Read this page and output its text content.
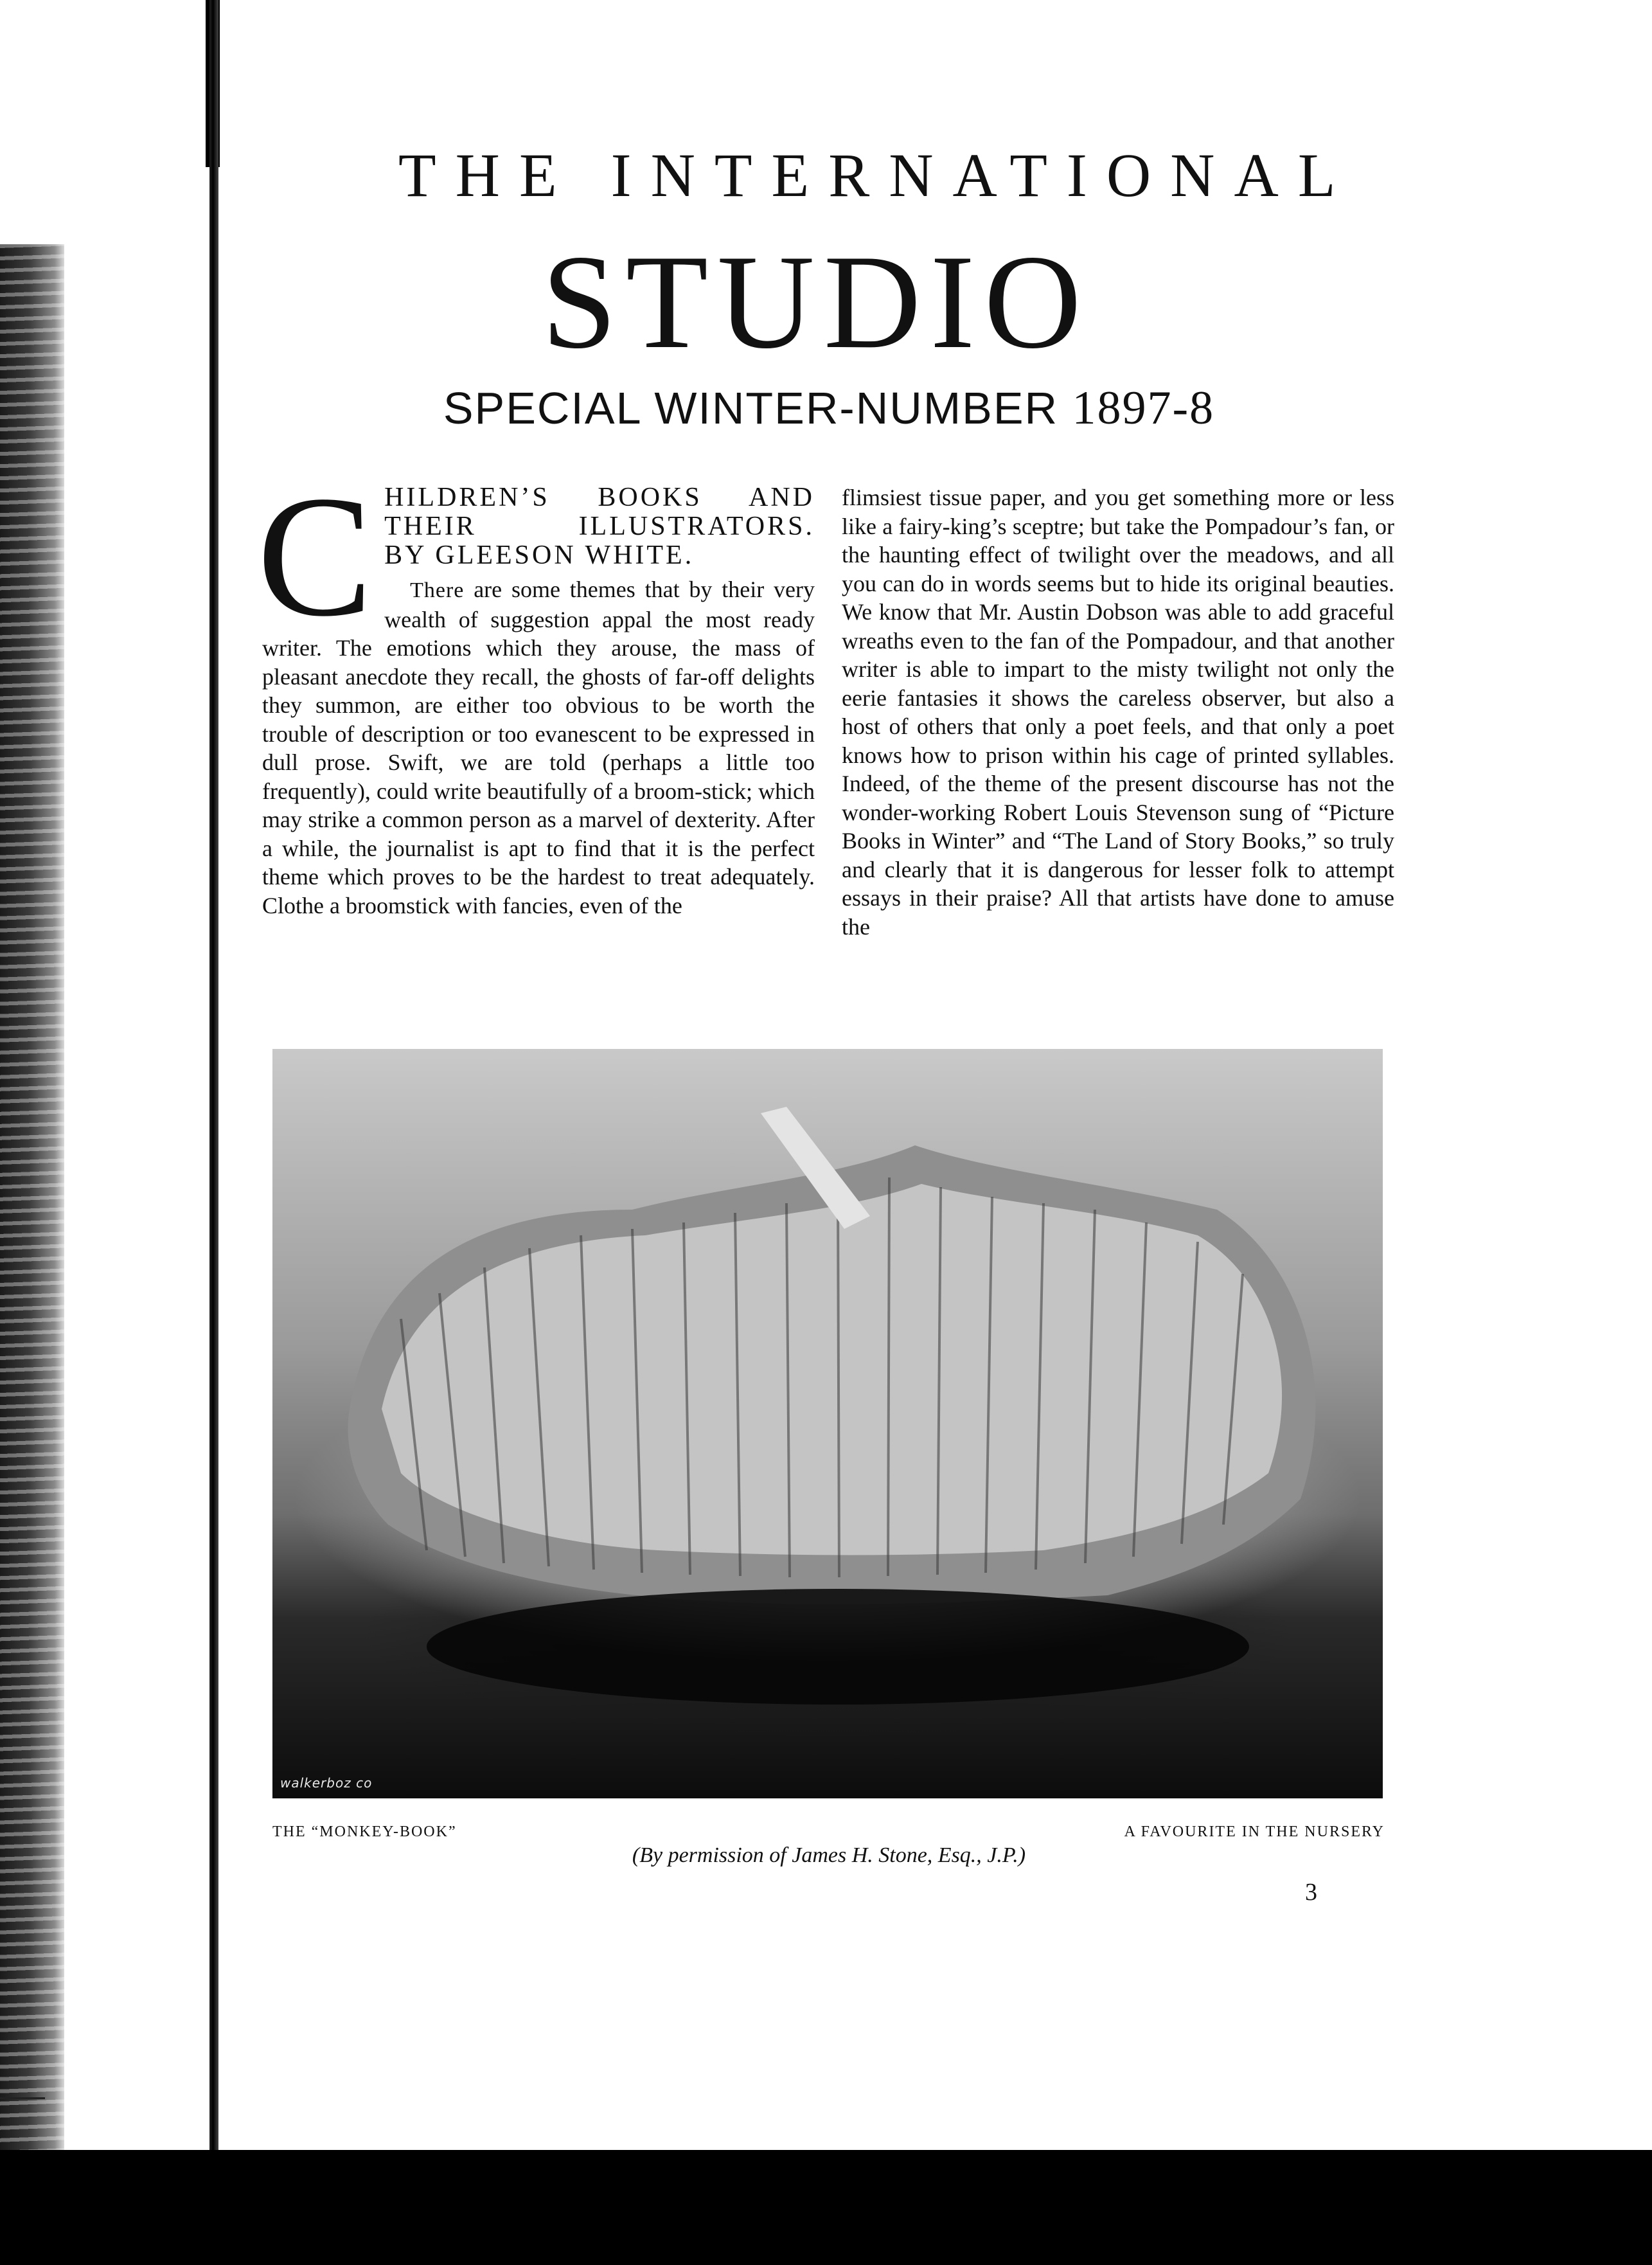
THE INTERNATIONAL
STUDIO
SPECIAL WINTER-NUMBER 1897-8
C HILDREN’S BOOKS AND
THEIR ILLUSTRATORS.
BY GLEESON WHITE.

There are some themes that by their very wealth of suggestion appal the most ready writer. The emotions which they arouse, the mass of pleasant anecdote they recall, the ghosts of far-off delights they summon, are either too obvious to be worth the trouble of description or too evanescent to be expressed in dull prose. Swift, we are told (perhaps a little too frequently), could write beautifully of a broom-stick; which may strike a common person as a marvel of dexterity. After a while, the journalist is apt to find that it is the perfect theme which proves to be the hardest to treat adequately. Clothe a broomstick with fancies, even of the

flimsiest tissue paper, and you get something more or less like a fairy-king’s sceptre; but take the Pompadour’s fan, or the haunting effect of twilight over the meadows, and all you can do in words seems but to hide its original beauties. We know that Mr. Austin Dobson was able to add graceful wreaths even to the fan of the Pompadour, and that another writer is able to impart to the misty twilight not only the eerie fantasies it shows the careless observer, but also a host of others that only a poet feels, and that only a poet knows how to prison within his cage of printed syllables. Indeed, of the theme of the present discourse has not the wonder-working Robert Louis Stevenson sung of “Picture Books in Winter” and “The Land of Story Books,” so truly and clearly that it is dangerous for lesser folk to attempt essays in their praise? All that artists have done to amuse the

walkerboz co
THE “MONKEY-BOOK”	A FAVOURITE IN THE NURSERY
(By permission of James H. Stone, Esq., J.P.)
3
